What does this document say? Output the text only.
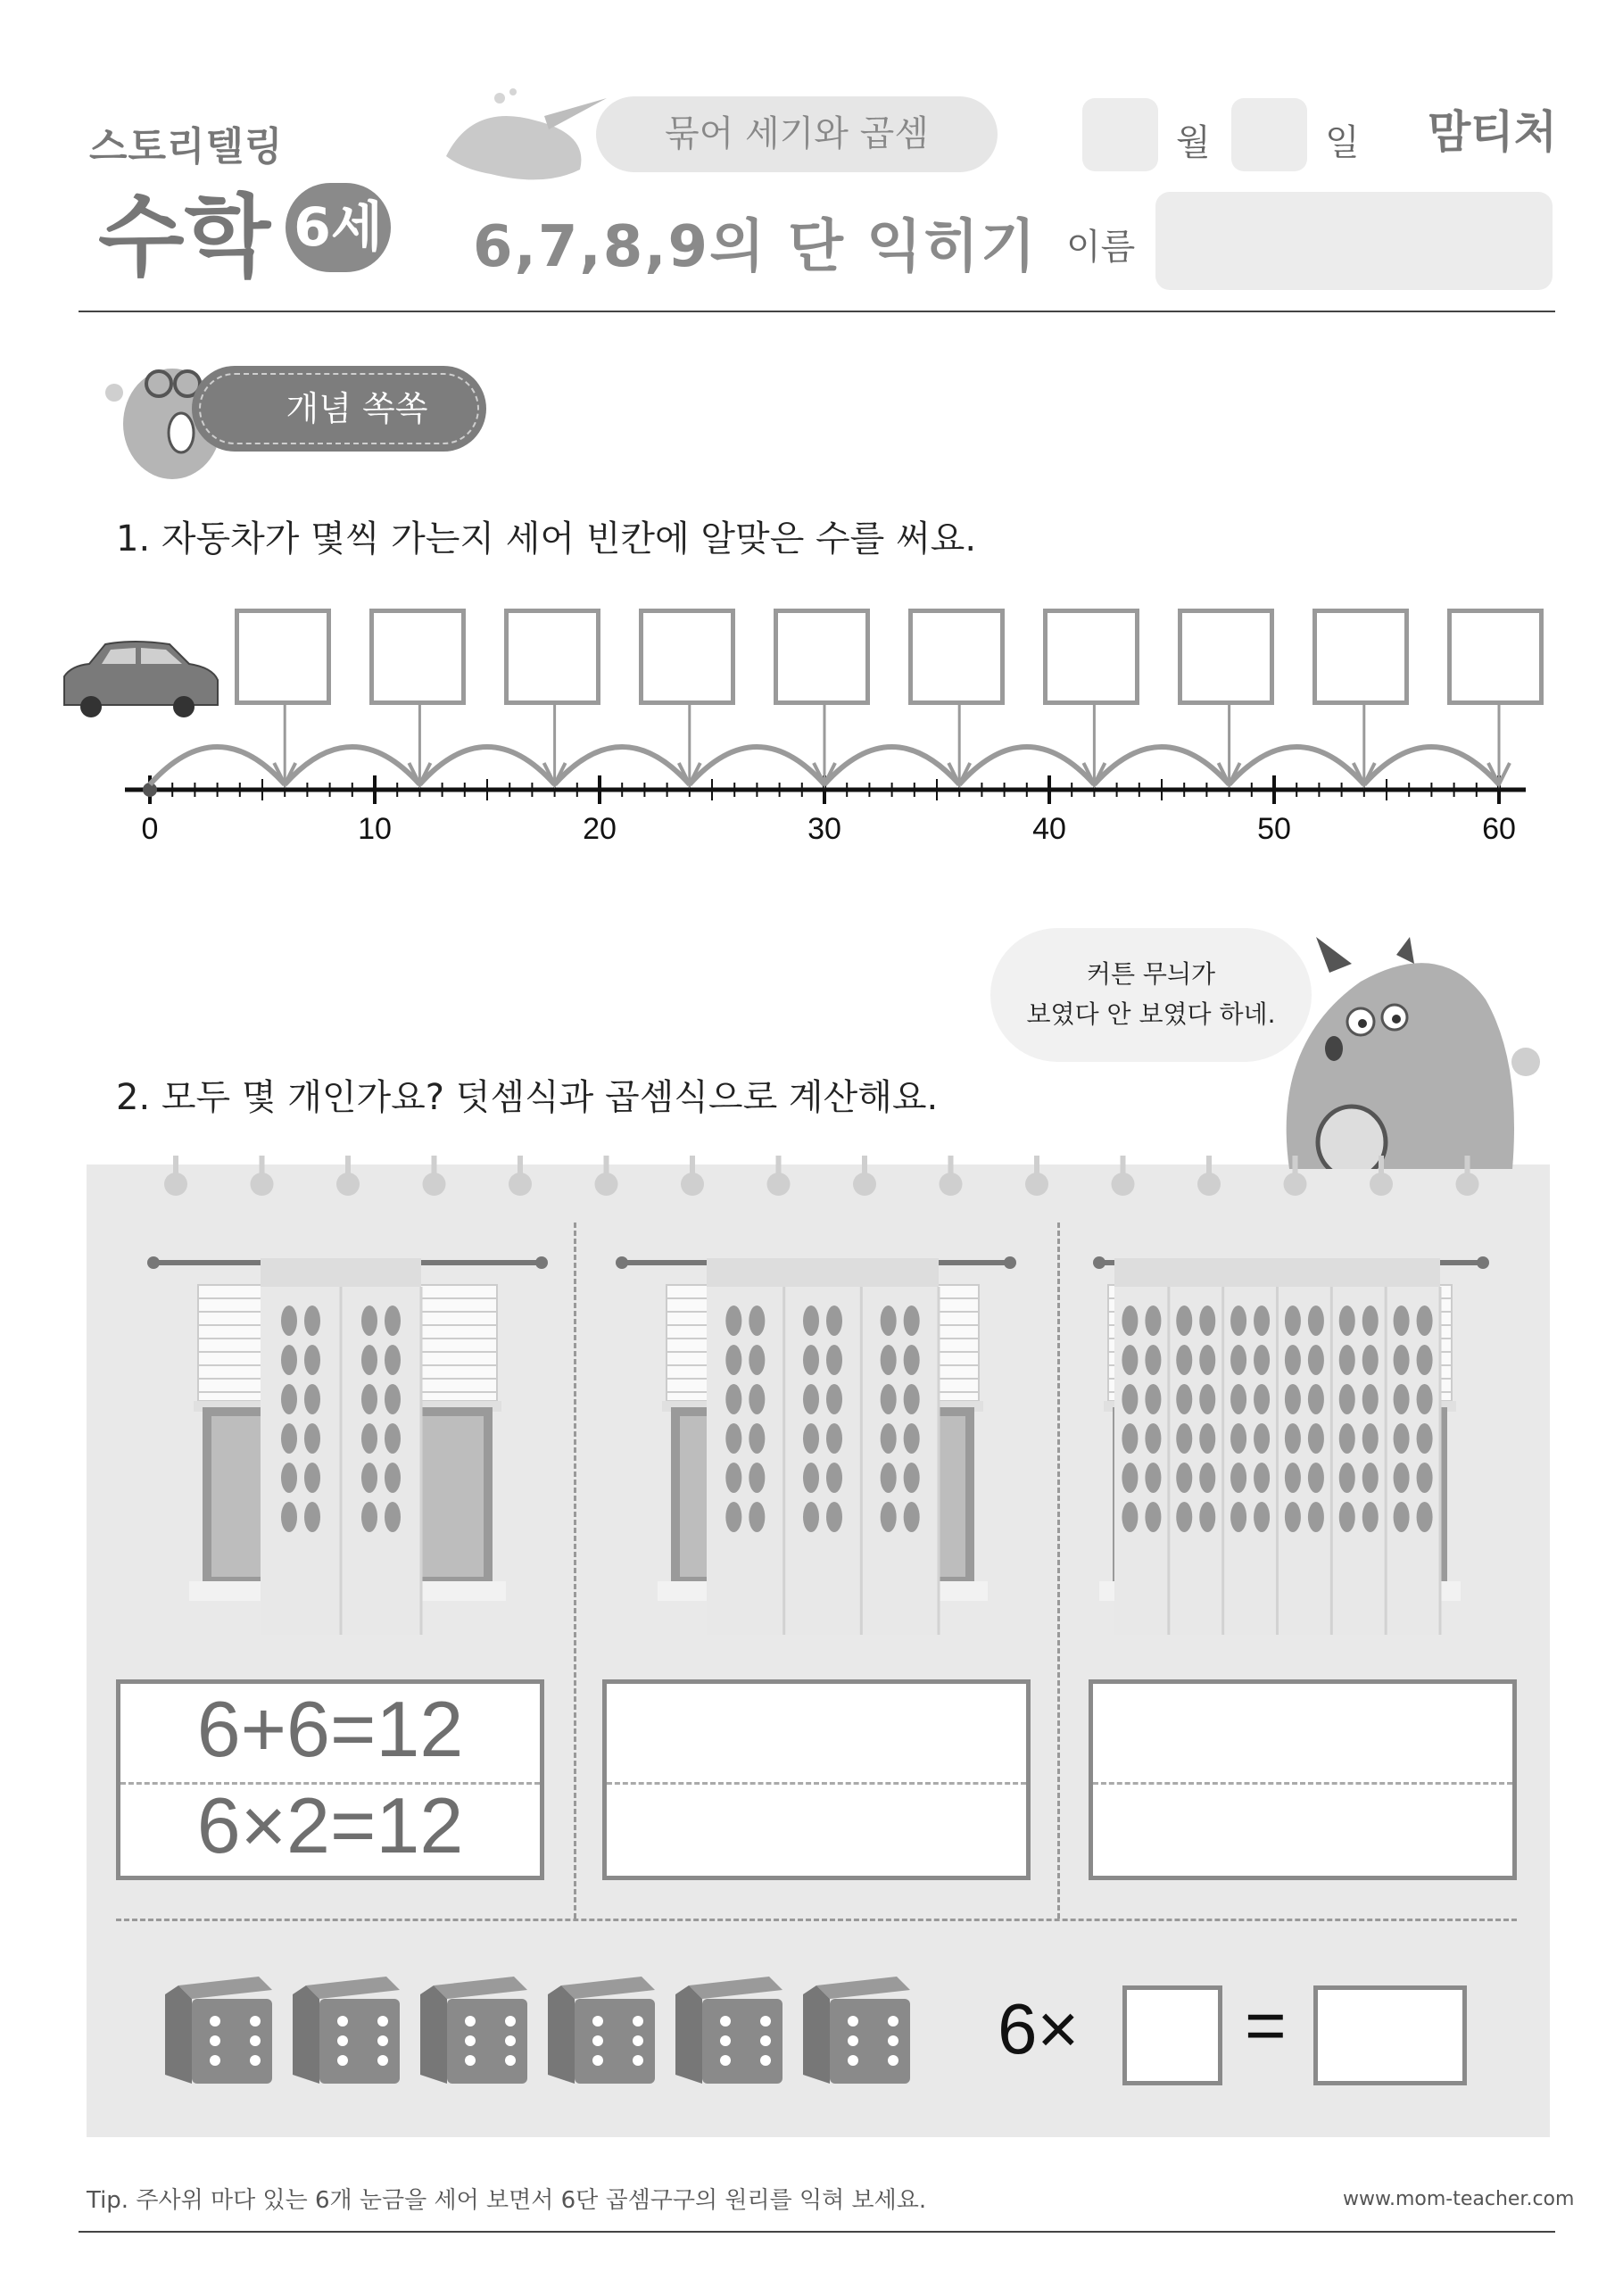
스토리텔링
수학 6세
묶어 세기와 곱셈
6,7,8,9의 단 익히기
월	일
이름
맘티처
개념 쏙쏙
1. 자동차가 몇씩 가는지 세어 빈칸에 알맞은 수를 써요.
0	10	20	30	40	50	60
2. 모두 몇 개인가요? 덧셈식과 곱셈식으로 계산해요.
커튼 무늬가
보였다 안 보였다 하네.
6+6=12
6×2=12
6× =
Tip. 주사위 마다 있는 6개 눈금을 세어 보면서 6단 곱셈구구의 원리를 익혀 보세요.	www.mom-teacher.com
